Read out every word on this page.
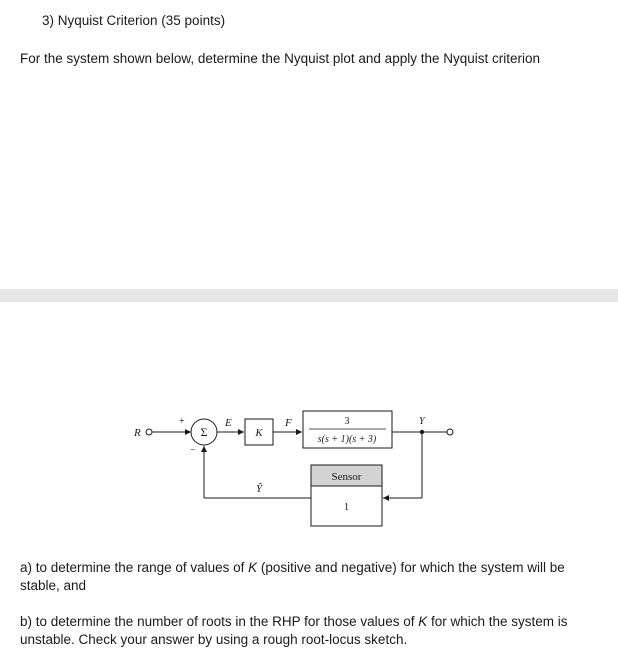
3) Nyquist Criterion (35 points)
For the system shown below, determine the Nyquist plot and apply the Nyquist criterion
R
+
Σ
−
E
K
F	3
s(s + 1)(s + 3)
Y
Sensor
1
Ŷ
a) to determine the range of values of K (positive and negative) for which the system will be stable, and
b) to determine the number of roots in the RHP for those values of K for which the system is unstable. Check your answer by using a rough root-locus sketch.
